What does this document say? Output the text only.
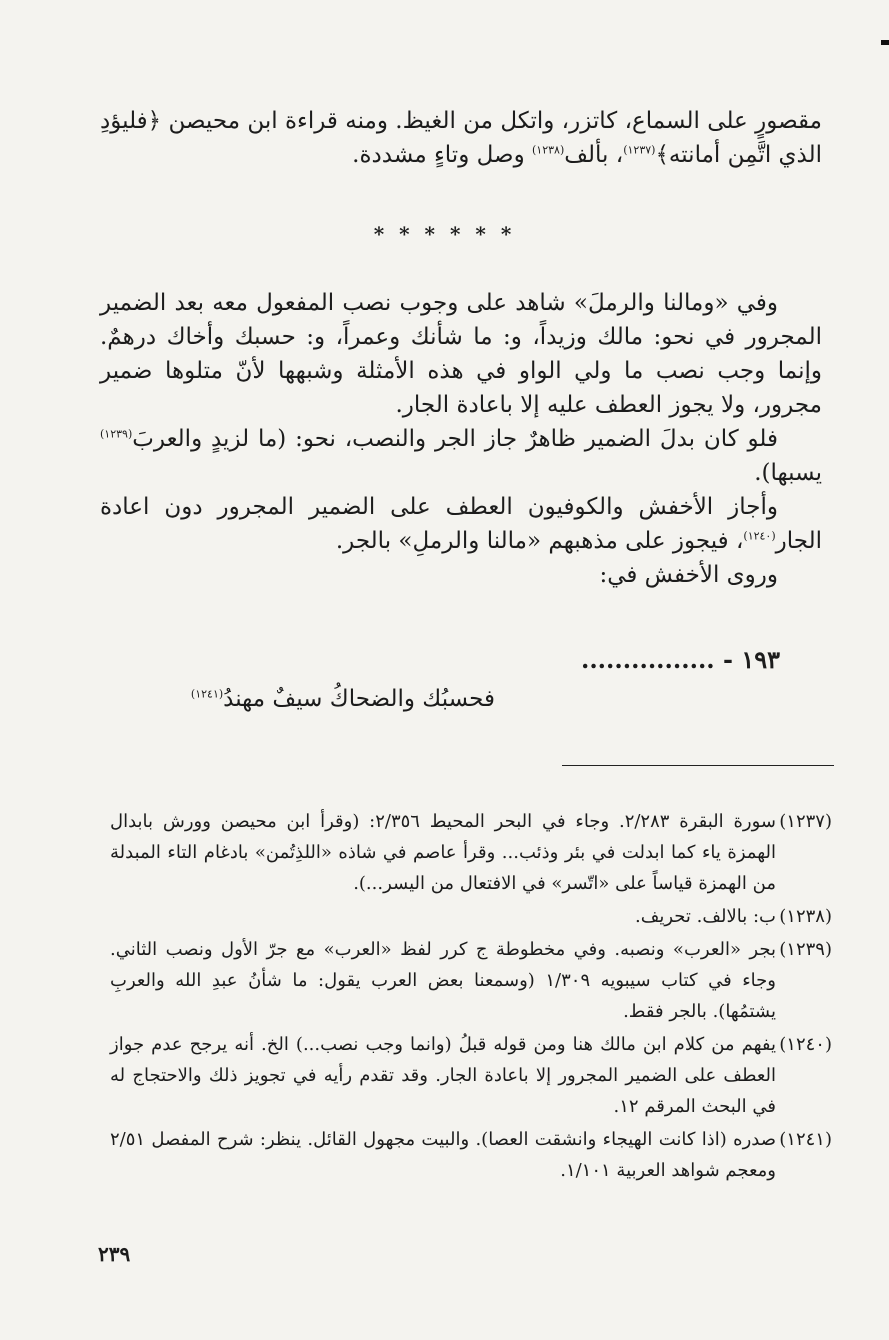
مقصورٍ على السماع، كاتزر، واتكل من الغيظ. ومنه قراءة ابن محيصن ﴿فليؤدِ الذي اتَّمِن أمانته﴾$^{(١٢٣٧)}$، بألف$^{(١٢٣٨)}$ وصل وتاءٍ مشددة.

* * * * * *

وفي «ومالنا والرملَ» شاهد على وجوب نصب المفعول معه بعد الضمير المجرور في نحو: مالك وزيداً، و: ما شأنك وعمراً، و: حسبك وأخاك درهمٌ. وإنما وجب نصب ما ولي الواو في هذه الأمثلة وشبهها لأنّ متلوها ضمير مجرور، ولا يجوز العطف عليه إلا باعادة الجار.

فلو كان بدلَ الضمير ظاهرٌ جاز الجر والنصب، نحو: (ما لزيدٍ والعربَ$^{(١٢٣٩)}$ يسبها).

وأجاز الأخفش والكوفيون العطف على الضمير المجرور دون اعادة الجار$^{(١٢٤٠)}$، فيجوز على مذهبهم «مالنا والرملِ» بالجر.

وروى الأخفش في:

١٩٣ - ................
فحسبُك والضحاكُ سيفٌ مهندُ$^{(١٢٤١)}$

(١٢٣٧)
سورة البقرة ٢/٢٨٣. وجاء في البحر المحيط ٢/٣٥٦: (وقرأ ابن محيصن وورش بابدال الهمزة ياء كما ابدلت في بئر وذئب... وقرأ عاصم في شاذه «اللذِتُمن» بادغام التاء المبدلة من الهمزة قياساً على «اتّسر» في الافتعال من اليسر...).

(١٢٣٨)
ب: بالالف. تحريف.

(١٢٣٩)
بجر «العرب» ونصبه. وفي مخطوطة ج كرر لفظ «العرب» مع جرّ الأول ونصب الثاني. وجاء في كتاب سيبويه ١/٣٠٩ (وسمعنا بعض العرب يقول: ما شأنُ عبدِ الله والعربِ يشتمُها). بالجر فقط.

(١٢٤٠)
يفهم من كلام ابن مالك هنا ومن قوله قبلُ (وانما وجب نصب...) الخ. أنه يرجح عدم جواز العطف على الضمير المجرور إلا باعادة الجار. وقد تقدم رأيه في تجويز ذلك والاحتجاج له في البحث المرقم ١٢.

(١٢٤١)
صدره (اذا كانت الهيجاء وانشقت العصا). والبيت مجهول القائل. ينظر: شرح المفصل ٢/٥١ ومعجم شواهد العربية ١/١٠١.

٢٣٩
